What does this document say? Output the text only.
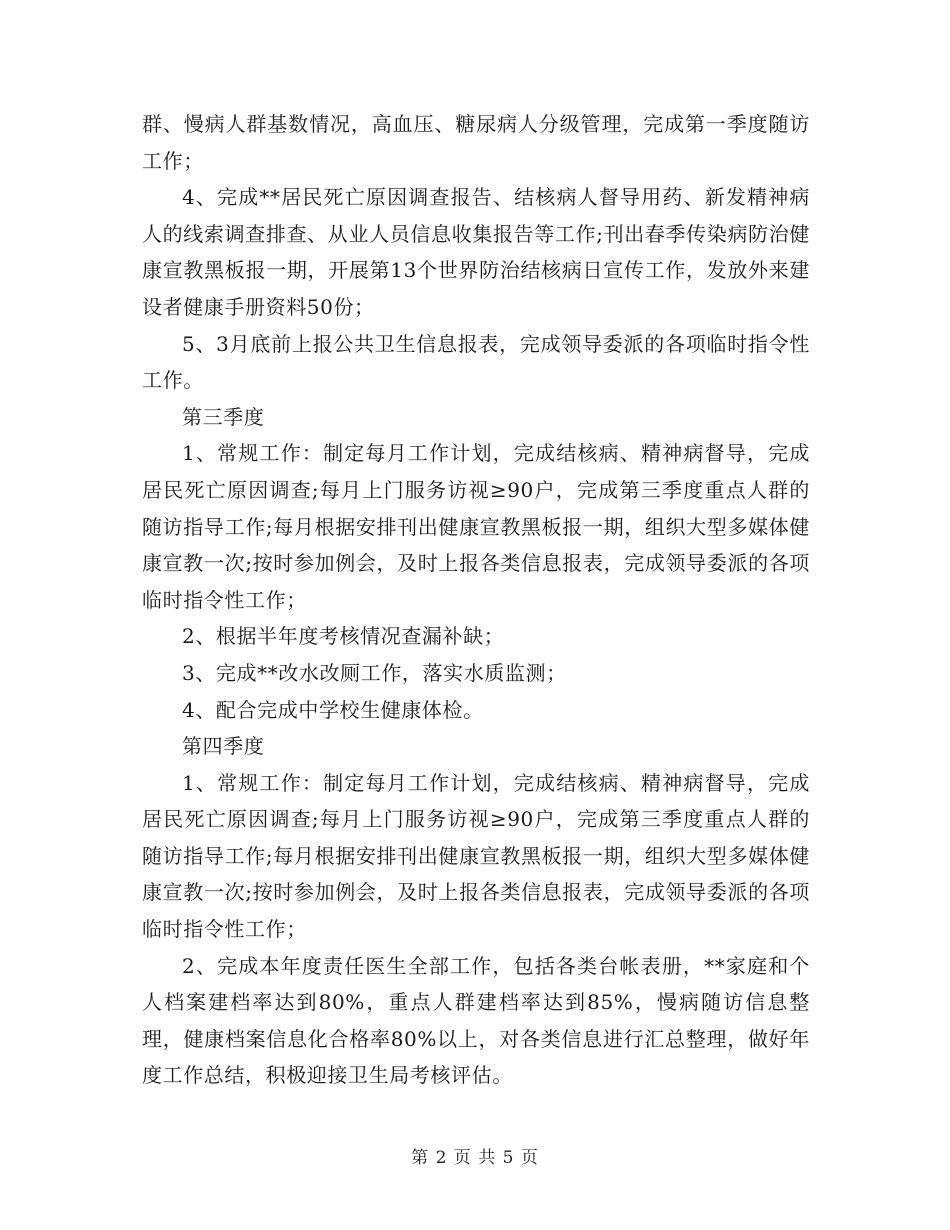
群、慢病人群基数情况，高血压、糖尿病人分级管理，完成第一季度随访工作；

4、完成**居民死亡原因调查报告、结核病人督导用药、新发精神病人的线索调查排查、从业人员信息收集报告等工作;刊出春季传染病防治健康宣教黑板报一期，开展第13个世界防治结核病日宣传工作，发放外来建设者健康手册资料50份；

5、3月底前上报公共卫生信息报表，完成领导委派的各项临时指令性工作。

第三季度

1、常规工作：制定每月工作计划，完成结核病、精神病督导，完成居民死亡原因调查;每月上门服务访视≥90户，完成第三季度重点人群的随访指导工作;每月根据安排刊出健康宣教黑板报一期，组织大型多媒体健康宣教一次;按时参加例会，及时上报各类信息报表，完成领导委派的各项临时指令性工作；

2、根据半年度考核情况查漏补缺；

3、完成**改水改厕工作，落实水质监测；

4、配合完成中学校生健康体检。

第四季度

1、常规工作：制定每月工作计划，完成结核病、精神病督导，完成居民死亡原因调查;每月上门服务访视≥90户，完成第三季度重点人群的随访指导工作;每月根据安排刊出健康宣教黑板报一期，组织大型多媒体健康宣教一次;按时参加例会，及时上报各类信息报表，完成领导委派的各项临时指令性工作；

2、完成本年度责任医生全部工作，包括各类台帐表册，**家庭和个人档案建档率达到80%，重点人群建档率达到85%，慢病随访信息整理，健康档案信息化合格率80%以上，对各类信息进行汇总整理，做好年度工作总结，积极迎接卫生局考核评估。

第 2 页 共 5 页
